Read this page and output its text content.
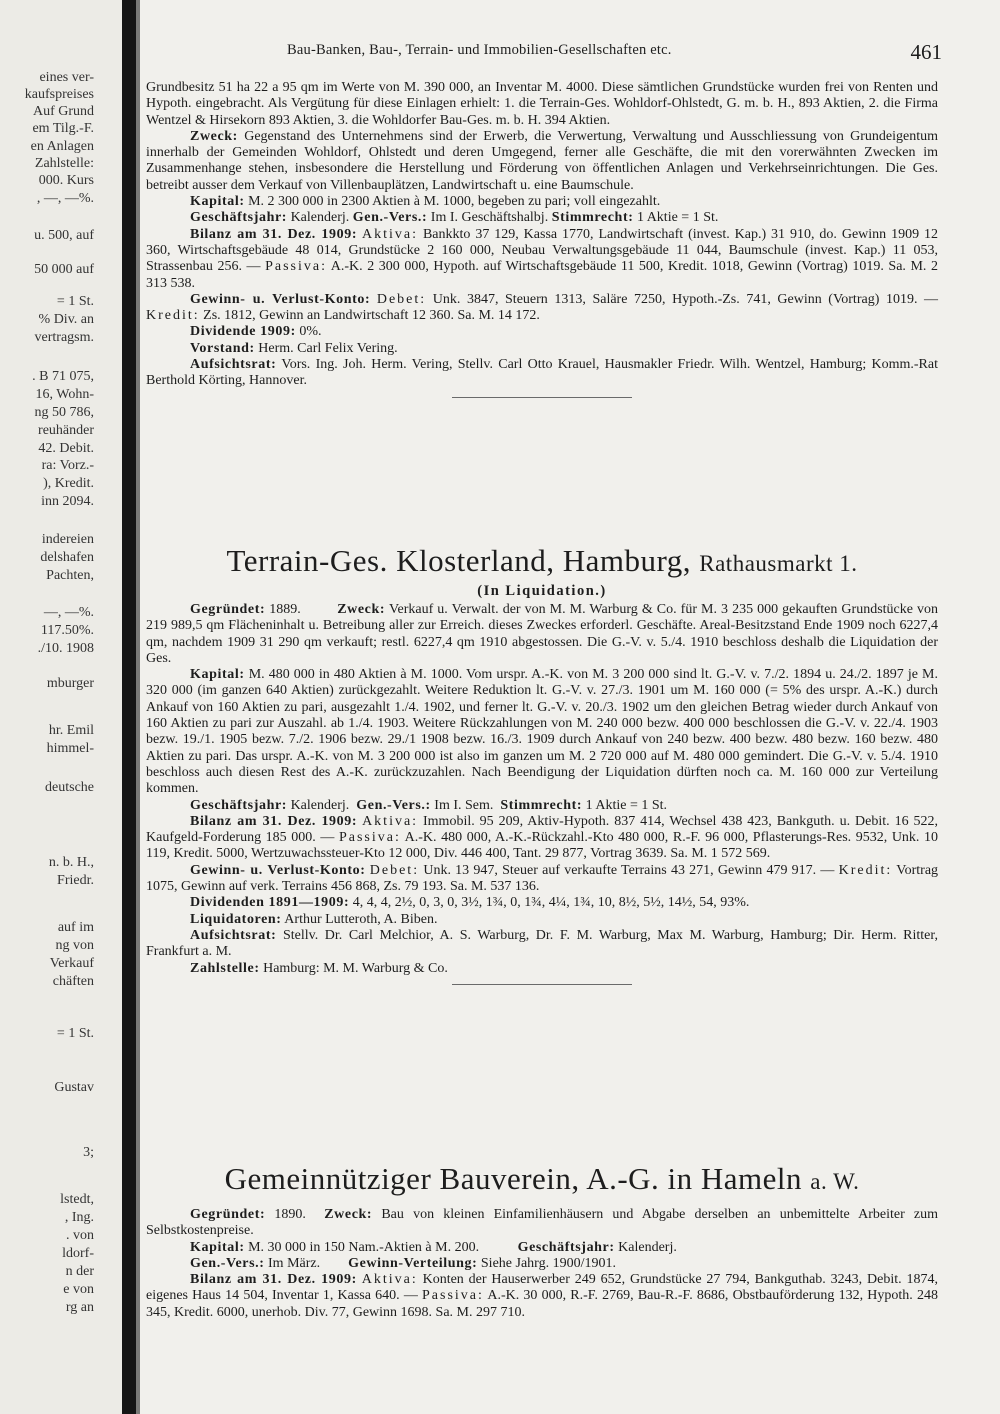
eines ver-
kaufspreises
Auf Grund
em Tilg.-F.
en Anlagen
Zahlstelle:
000. Kurs
, —, —%.
u. 500, auf
50 000 auf
= 1 St.
% Div. an
vertragsm.
. B 71 075,
16, Wohn-
ng 50 786,
reuhänder
42. Debit.
ra: Vorz.-
), Kredit.
inn 2094.
indereien
delshafen
Pachten,
—, —%.
117.50%.
./10. 1908
mburger
hr. Emil
himmel-
deutsche
n. b. H.,
Friedr.
auf im
ng von
Verkauf
chäften
= 1 St.
Gustav
3;
lstedt,
, Ing.
. von
ldorf-
n der
e von
rg an
Bau-Banken, Bau-, Terrain- und Immobilien-Gesellschaften etc.	461

Grundbesitz 51 ha 22 a 95 qm im Werte von M. 390 000, an Inventar M. 4000. Diese sämtlichen Grundstücke wurden frei von Renten und Hypoth. eingebracht. Als Vergütung für diese Einlagen erhielt: 1. die Terrain-Ges. Wohldorf-Ohlstedt, G. m. b. H., 893 Aktien, 2. die Firma Wentzel & Hirsekorn 893 Aktien, 3. die Wohldorfer Bau-Ges. m. b. H. 394 Aktien.

Zweck: Gegenstand des Unternehmens sind der Erwerb, die Verwertung, Verwaltung und Ausschliessung von Grundeigentum innerhalb der Gemeinden Wohldorf, Ohlstedt und deren Umgegend, ferner alle Geschäfte, die mit den vorerwähnten Zwecken im Zusammenhange stehen, insbesondere die Herstellung und Förderung von öffentlichen Anlagen und Verkehrseinrichtungen. Die Ges. betreibt ausser dem Verkauf von Villenbauplätzen, Landwirtschaft u. eine Baumschule.

Kapital: M. 2 300 000 in 2300 Aktien à M. 1000, begeben zu pari; voll eingezahlt.

Geschäftsjahr: Kalenderj. Gen.-Vers.: Im I. Geschäftshalbj. Stimmrecht: 1 Aktie = 1 St.

Bilanz am 31. Dez. 1909: Aktiva: Bankkto 37 129, Kassa 1770, Landwirtschaft (invest. Kap.) 31 910, do. Gewinn 1909 12 360, Wirtschaftsgebäude 48 014, Grundstücke 2 160 000, Neubau Verwaltungsgebäude 11 044, Baumschule (invest. Kap.) 11 053, Strassenbau 256. — Passiva: A.-K. 2 300 000, Hypoth. auf Wirtschaftsgebäude 11 500, Kredit. 1018, Gewinn (Vortrag) 1019. Sa. M. 2 313 538.

Gewinn- u. Verlust-Konto: Debet: Unk. 3847, Steuern 1313, Saläre 7250, Hypoth.-Zs. 741, Gewinn (Vortrag) 1019. — Kredit: Zs. 1812, Gewinn an Landwirtschaft 12 360. Sa. M. 14 172.

Dividende 1909: 0%.

Vorstand: Herm. Carl Felix Vering.

Aufsichtsrat: Vors. Ing. Joh. Herm. Vering, Stellv. Carl Otto Krauel, Hausmakler Friedr. Wilh. Wentzel, Hamburg; Komm.-Rat Berthold Körting, Hannover.

Terrain-Ges. Klosterland, Hamburg, Rathausmarkt 1.

(In Liquidation.)

Gegründet: 1889.	Zweck: Verkauf u. Verwalt. der von M. M. Warburg & Co. für M. 3 235 000 gekauften Grundstücke von 219 989,5 qm Flächeninhalt u. Betreibung aller zur Erreich. dieses Zweckes erforderl. Geschäfte. Areal-Besitzstand Ende 1909 noch 6227,4 qm, nachdem 1909 31 290 qm verkauft; restl. 6227,4 qm 1910 abgestossen. Die G.-V. v. 5./4. 1910 beschloss deshalb die Liquidation der Ges.

Kapital: M. 480 000 in 480 Aktien à M. 1000. Vom urspr. A.-K. von M. 3 200 000 sind lt. G.-V. v. 7./2. 1894 u. 24./2. 1897 je M. 320 000 (im ganzen 640 Aktien) zurückgezahlt. Weitere Reduktion lt. G.-V. v. 27./3. 1901 um M. 160 000 (= 5% des urspr. A.-K.) durch Ankauf von 160 Aktien zu pari, ausgezahlt 1./4. 1902, und ferner lt. G.-V. v. 20./3. 1902 um den gleichen Betrag wieder durch Ankauf von 160 Aktien zu pari zur Auszahl. ab 1./4. 1903. Weitere Rückzahlungen von M. 240 000 bezw. 400 000 beschlossen die G.-V. v. 22./4. 1903 bezw. 19./1. 1905 bezw. 7./2. 1906 bezw. 29./1 1908 bezw. 16./3. 1909 durch Ankauf von 240 bezw. 400 bezw. 480 bezw. 160 bezw. 480 Aktien zu pari. Das urspr. A.-K. von M. 3 200 000 ist also im ganzen um M. 2 720 000 auf M. 480 000 gemindert. Die G.-V. v. 5./4. 1910 beschloss auch diesen Rest des A.-K. zurückzuzahlen. Nach Beendigung der Liquidation dürften noch ca. M. 160 000 zur Verteilung kommen.

Geschäftsjahr: Kalenderj. Gen.-Vers.: Im I. Sem. Stimmrecht: 1 Aktie = 1 St.

Bilanz am 31. Dez. 1909: Aktiva: Immobil. 95 209, Aktiv-Hypoth. 837 414, Wechsel 438 423, Bankguth. u. Debit. 16 522, Kaufgeld-Forderung 185 000. — Passiva: A.-K. 480 000, A.-K.-Rückzahl.-Kto 480 000, R.-F. 96 000, Pflasterungs-Res. 9532, Unk. 10 119, Kredit. 5000, Wertzuwachssteuer-Kto 12 000, Div. 446 400, Tant. 29 877, Vortrag 3639. Sa. M. 1 572 569.

Gewinn- u. Verlust-Konto: Debet: Unk. 13 947, Steuer auf verkaufte Terrains 43 271, Gewinn 479 917. — Kredit: Vortrag 1075, Gewinn auf verk. Terrains 456 868, Zs. 79 193. Sa. M. 537 136.

Dividenden 1891—1909: 4, 4, 4, 2½, 0, 3, 0, 3½, 1¾, 0, 1¾, 4¼, 1¾, 10, 8½, 5½, 14½, 54, 93%.

Liquidatoren: Arthur Lutteroth, A. Biben.

Aufsichtsrat: Stellv. Dr. Carl Melchior, A. S. Warburg, Dr. F. M. Warburg, Max M. Warburg, Hamburg; Dir. Herm. Ritter, Frankfurt a. M.

Zahlstelle: Hamburg: M. M. Warburg & Co.

Gemeinnütziger Bauverein, A.-G. in Hameln a. W.

Gegründet: 1890. Zweck: Bau von kleinen Einfamilienhäusern und Abgabe derselben an unbemittelte Arbeiter zum Selbstkostenpreise.

Kapital: M. 30 000 in 150 Nam.-Aktien à M. 200.	Geschäftsjahr: Kalenderj.

Gen.-Vers.: Im März. Gewinn-Verteilung: Siehe Jahrg. 1900/1901.

Bilanz am 31. Dez. 1909: Aktiva: Konten der Hauserwerber 249 652, Grundstücke 27 794, Bankguthab. 3243, Debit. 1874, eigenes Haus 14 504, Inventar 1, Kassa 640. — Passiva: A.-K. 30 000, R.-F. 2769, Bau-R.-F. 8686, Obstbauförderung 132, Hypoth. 248 345, Kredit. 6000, unerhob. Div. 77, Gewinn 1698. Sa. M. 297 710.
